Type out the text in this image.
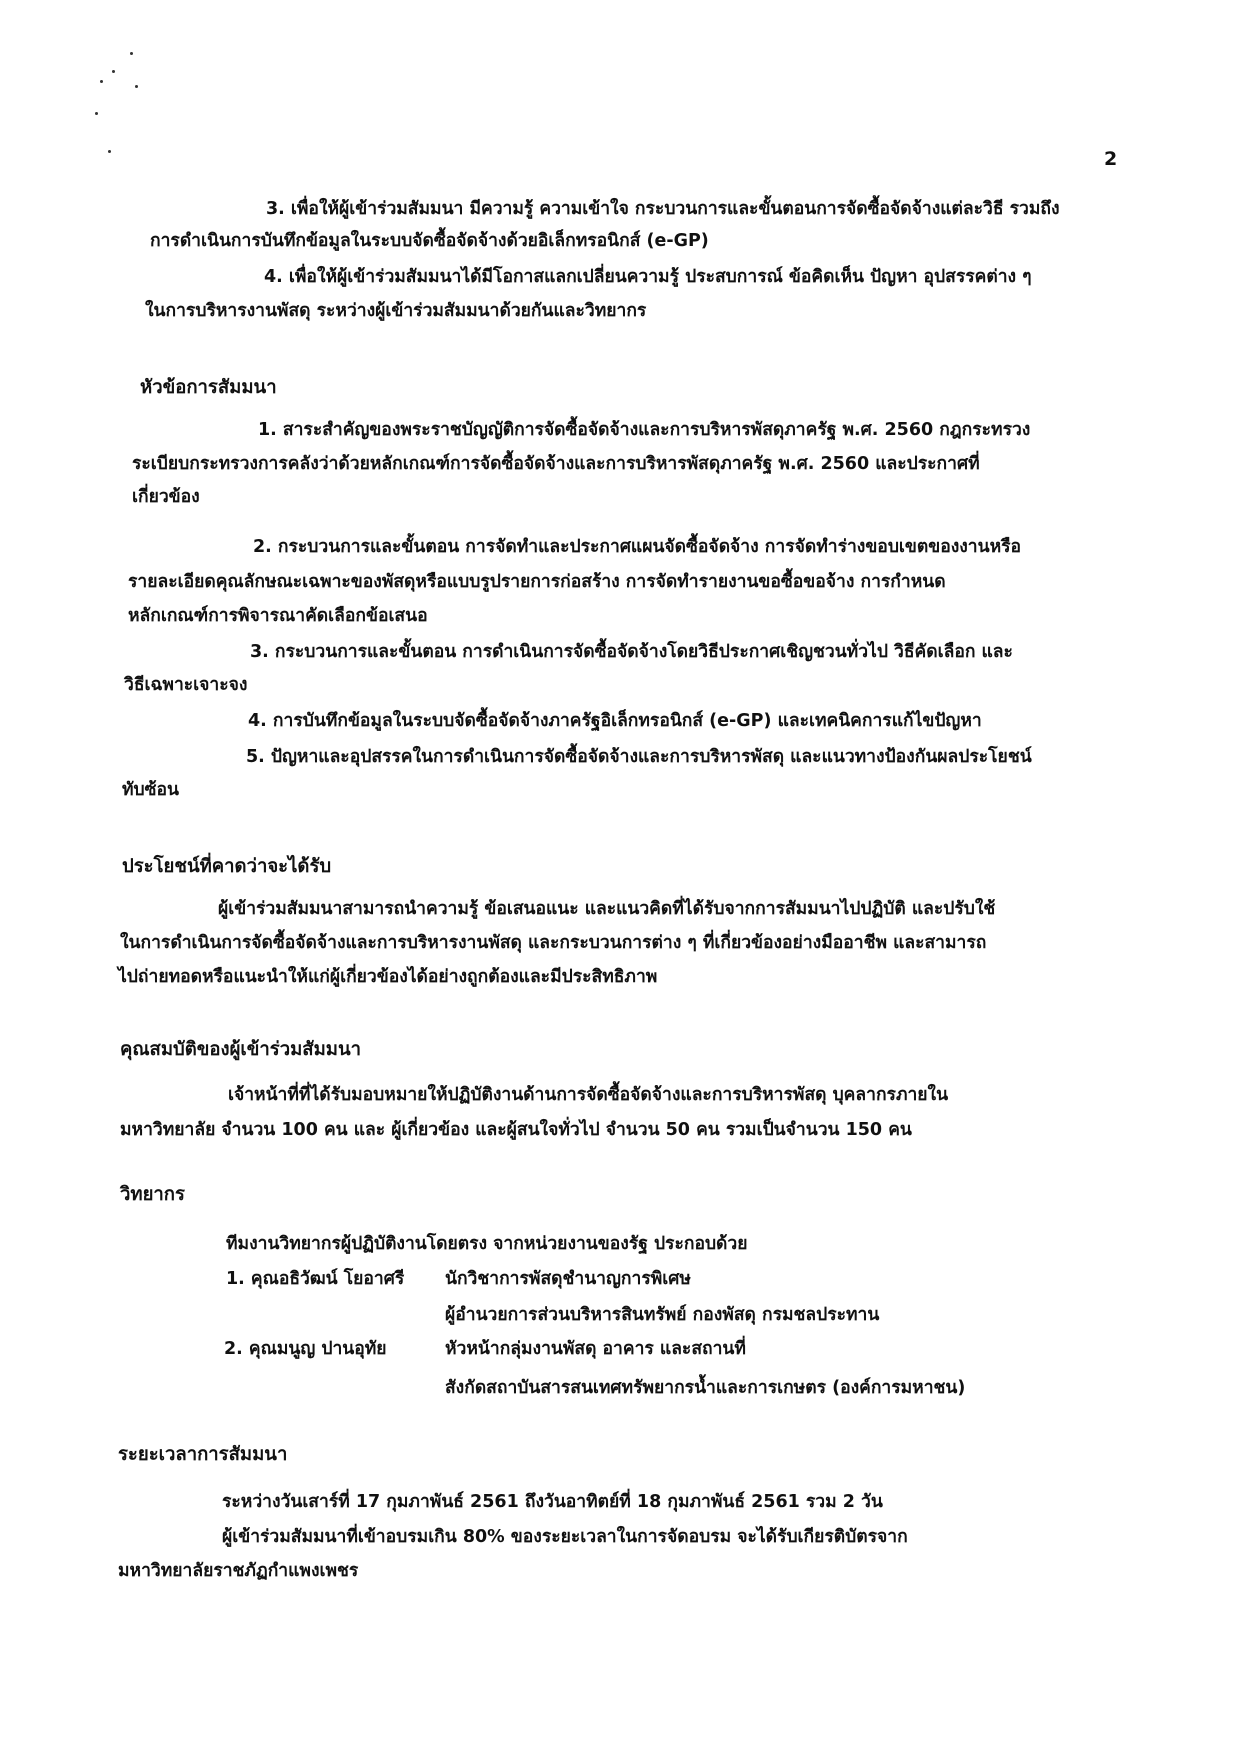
2
3. เพื่อให้ผู้เข้าร่วมสัมมนา มีความรู้ ความเข้าใจ กระบวนการและขั้นตอนการจัดซื้อจัดจ้างแต่ละวิธี รวมถึง
การดำเนินการบันทึกข้อมูลในระบบจัดซื้อจัดจ้างด้วยอิเล็กทรอนิกส์ (e-GP)
4. เพื่อให้ผู้เข้าร่วมสัมมนาได้มีโอกาสแลกเปลี่ยนความรู้ ประสบการณ์ ข้อคิดเห็น ปัญหา อุปสรรคต่าง ๆ
ในการบริหารงานพัสดุ ระหว่างผู้เข้าร่วมสัมมนาด้วยกันและวิทยากร
หัวข้อการสัมมนา
1. สาระสำคัญของพระราชบัญญัติการจัดซื้อจัดจ้างและการบริหารพัสดุภาครัฐ พ.ศ. 2560 กฎกระทรวง
ระเบียบกระทรวงการคลังว่าด้วยหลักเกณฑ์การจัดซื้อจัดจ้างและการบริหารพัสดุภาครัฐ พ.ศ. 2560 และประกาศที่
เกี่ยวข้อง
2. กระบวนการและขั้นตอน การจัดทำและประกาศแผนจัดซื้อจัดจ้าง การจัดทำร่างขอบเขตของงานหรือ
รายละเอียดคุณลักษณะเฉพาะของพัสดุหรือแบบรูปรายการก่อสร้าง การจัดทำรายงานขอซื้อขอจ้าง การกำหนด
หลักเกณฑ์การพิจารณาคัดเลือกข้อเสนอ
3. กระบวนการและขั้นตอน การดำเนินการจัดซื้อจัดจ้างโดยวิธีประกาศเชิญชวนทั่วไป วิธีคัดเลือก และ
วิธีเฉพาะเจาะจง
4. การบันทึกข้อมูลในระบบจัดซื้อจัดจ้างภาครัฐอิเล็กทรอนิกส์ (e-GP) และเทคนิคการแก้ไขปัญหา
5. ปัญหาและอุปสรรคในการดำเนินการจัดซื้อจัดจ้างและการบริหารพัสดุ และแนวทางป้องกันผลประโยชน์
ทับซ้อน
ประโยชน์ที่คาดว่าจะได้รับ
ผู้เข้าร่วมสัมมนาสามารถนำความรู้ ข้อเสนอแนะ และแนวคิดที่ได้รับจากการสัมมนาไปปฏิบัติ และปรับใช้
ในการดำเนินการจัดซื้อจัดจ้างและการบริหารงานพัสดุ และกระบวนการต่าง ๆ ที่เกี่ยวข้องอย่างมืออาชีพ และสามารถ
ไปถ่ายทอดหรือแนะนำให้แก่ผู้เกี่ยวข้องได้อย่างถูกต้องและมีประสิทธิภาพ
คุณสมบัติของผู้เข้าร่วมสัมมนา
เจ้าหน้าที่ที่ได้รับมอบหมายให้ปฏิบัติงานด้านการจัดซื้อจัดจ้างและการบริหารพัสดุ บุคลากรภายใน
มหาวิทยาลัย จำนวน 100 คน และ ผู้เกี่ยวข้อง และผู้สนใจทั่วไป จำนวน 50 คน รวมเป็นจำนวน 150 คน
วิทยากร
ทีมงานวิทยากรผู้ปฏิบัติงานโดยตรง จากหน่วยงานของรัฐ ประกอบด้วย
1. คุณอธิวัฒน์ โยอาศรี นักวิชาการพัสดุชำนาญการพิเศษ
ผู้อำนวยการส่วนบริหารสินทรัพย์ กองพัสดุ กรมชลประทาน
2. คุณมนูญ ปานอุทัย	หัวหน้ากลุ่มงานพัสดุ อาคาร และสถานที่
สังกัดสถาบันสารสนเทศทรัพยากรน้ำและการเกษตร (องค์การมหาชน)
ระยะเวลาการสัมมนา
ระหว่างวันเสาร์ที่ 17 กุมภาพันธ์ 2561 ถึงวันอาทิตย์ที่ 18 กุมภาพันธ์ 2561 รวม 2 วัน
ผู้เข้าร่วมสัมมนาที่เข้าอบรมเกิน 80% ของระยะเวลาในการจัดอบรม จะได้รับเกียรติบัตรจาก
มหาวิทยาลัยราชภัฏกำแพงเพชร
